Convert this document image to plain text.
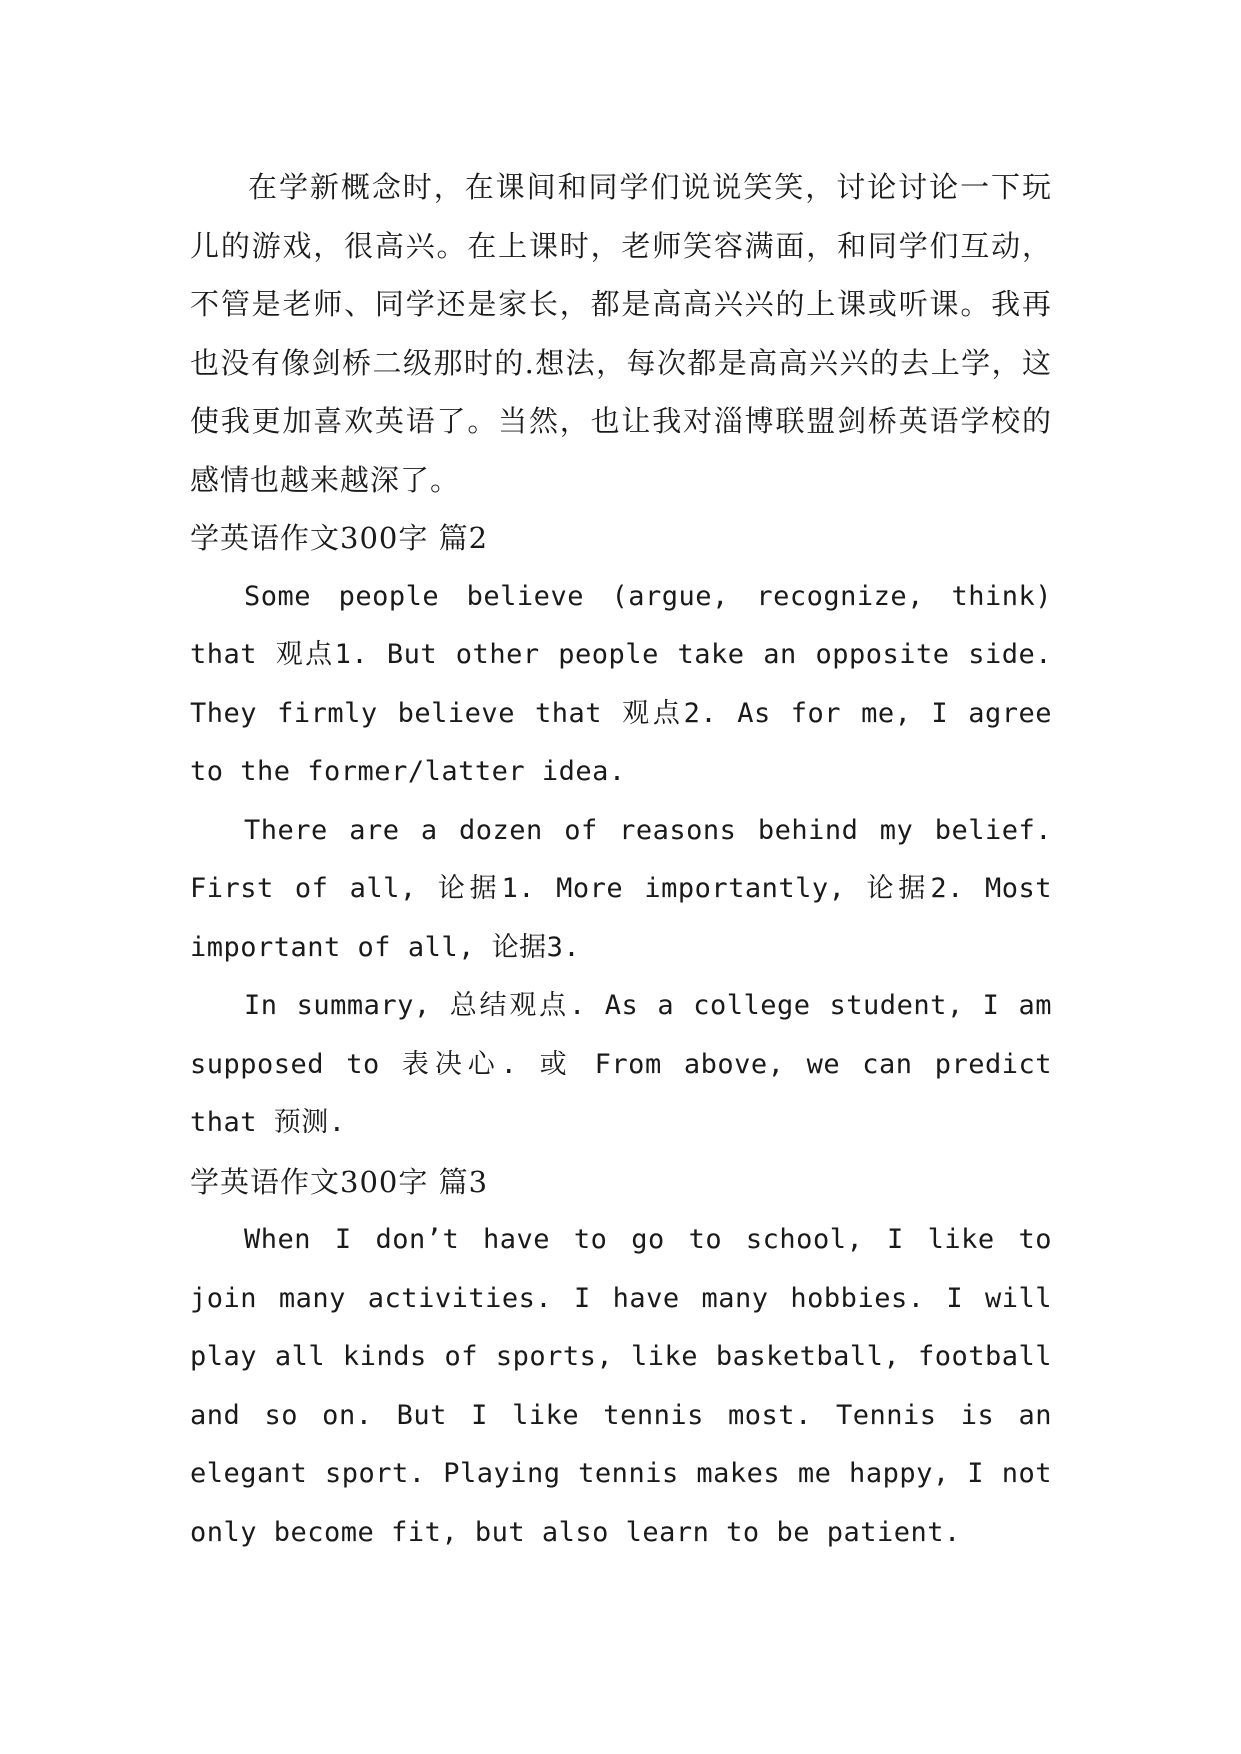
在学新概念时，在课间和同学们说说笑笑，讨论讨论一下玩儿的游戏，很高兴。在上课时，老师笑容满面，和同学们互动，不管是老师、同学还是家长，都是高高兴兴的上课或听课。我再也没有像剑桥二级那时的.想法，每次都是高高兴兴的去上学，这使我更加喜欢英语了。当然，也让我对淄博联盟剑桥英语学校的感情也越来越深了。

学英语作文300字 篇2

Some people believe (argue, recognize, think) that 观点1. But other people take an opposite side. They firmly believe that 观点2. As for me, I agree to the former/latter idea.

There are a dozen of reasons behind my belief. First of all, 论据1. More importantly, 论据2. Most important of all, 论据3.

In summary, 总结观点. As a college student, I am supposed to 表决心. 或 From above, we can predict that 预测.

学英语作文300字 篇3

When I don’t have to go to school, I like to join many activities. I have many hobbies. I will play all kinds of sports, like basketball, football and so on. But I like tennis most. Tennis is an elegant sport. Playing tennis makes me happy, I not only become fit, but also learn to be patient.
